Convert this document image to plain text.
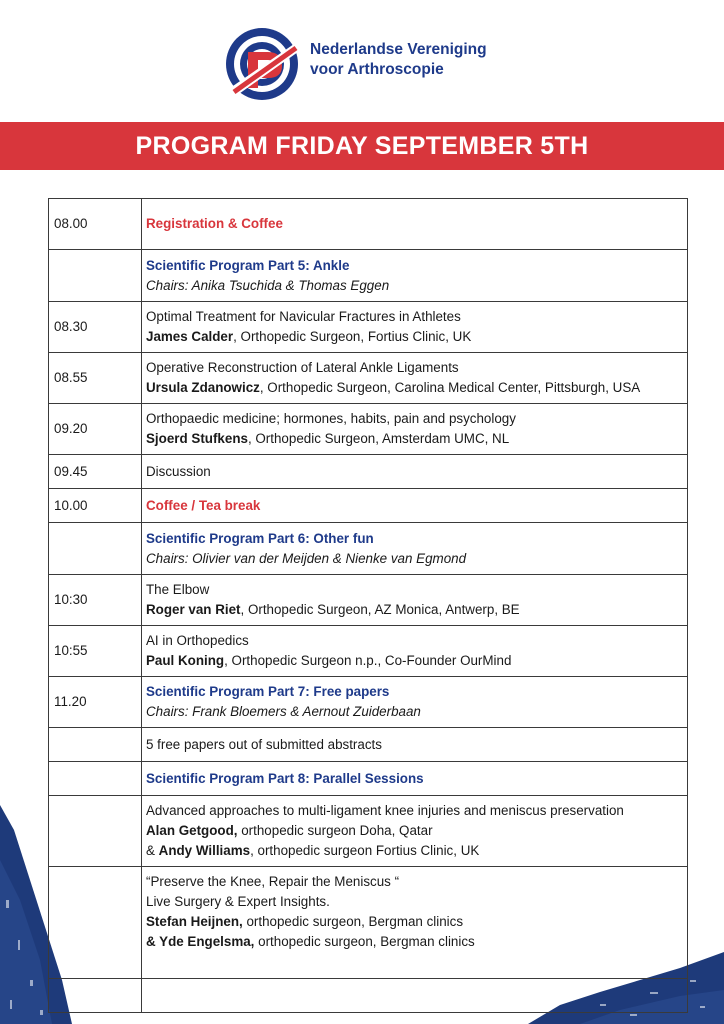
Nederlandse Vereniging
voor Arthroscopie
PROGRAM FRIDAY SEPTEMBER 5TH
08.00	Registration & Coffee

	Scientific Program Part 5: Ankle
Chairs: Anika Tsuchida & Thomas Eggen

08.30	Optimal Treatment for Navicular Fractures in Athletes
James Calder, Orthopedic Surgeon, Fortius Clinic, UK

08.55	Operative Reconstruction of Lateral Ankle Ligaments
Ursula Zdanowicz, Orthopedic Surgeon, Carolina Medical Center, Pittsburgh, USA

09.20	Orthopaedic medicine; hormones, habits, pain and psychology
Sjoerd Stufkens, Orthopedic Surgeon, Amsterdam UMC, NL

09.45	Discussion
10.00	Coffee / Tea break

	Scientific Program Part 6: Other fun
Chairs: Olivier van der Meijden & Nienke van Egmond

10:30	The Elbow
Roger van Riet, Orthopedic Surgeon, AZ Monica, Antwerp, BE

10:55	AI in Orthopedics
Paul Koning, Orthopedic Surgeon n.p., Co-Founder OurMind

11.20	Scientific Program Part 7: Free papers
Chairs: Frank Bloemers & Aernout Zuiderbaan

	5 free papers out of submitted abstracts
	Scientific Program Part 8: Parallel Sessions

	Advanced approaches to multi-ligament knee injuries and meniscus preservation
Alan Getgood, orthopedic surgeon Doha, Qatar
& Andy Williams, orthopedic surgeon Fortius Clinic, UK

	“Preserve the Knee, Repair the Meniscus “
Live Surgery & Expert Insights.
Stefan Heijnen, orthopedic surgeon, Bergman clinics
& Yde Engelsma, orthopedic surgeon, Bergman clinics
